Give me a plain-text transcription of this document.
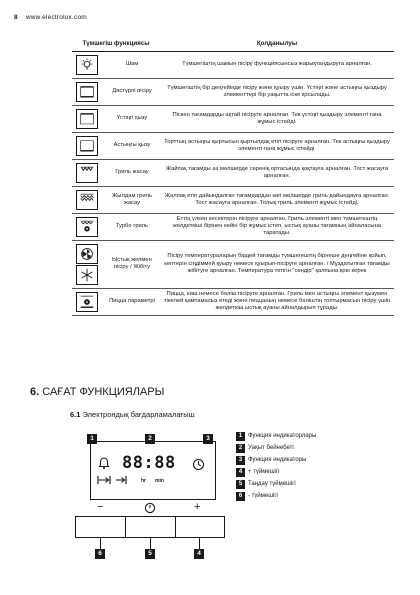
8 www.electrolux.com
Түмшегіш функциясы		Қолданылуы

	Шам	Түмшегіштің шамын пісіру функциясынсыз жарықтандыруға арналған.

	Дәстүрлі пісіру	Түмшегіштің бір деңгейінде пісіру және қуыру үшін. Үстіңгі және астыңғы қыздыру элементтері бір уақытта іске қосылады.

	Үстіңгі қызу	Піскен тағамдарды ақтай пісіруге арналған. Тек үстіңгі қыздыру элементі ғана жұмыс істейді.

	Астыңғы қызу	Торттың астыңғы қыртысын қыртылдақ етіп пісіруге арналған. Тек астыңғы қыздыру элементі ғана жұмыс істейді.

	Гриль жасау	Жайпақ тағамды аз мөлшерде сөреніқ ортасында қақтауға арналған. Тост жасауға арналған.

	Жылдам гриль жасау	Жалпақ етіп дайындалған тағамдардан көп мөлшерде гриль дайындауға арналған. Тост жасауға арналған. Толық гриль элементі жұмыс істейді.

	Турбо гриль	Еттің үлкен кесектерін пісіруге арналған. Гриль элементі мен түмшегештің желдеткіші бірінен кейін бір жұмыс істеп, ыстық ауаны тағамның айналасына таратады.

	Ыстық желмен пісіру / Жібіту	Пісіру температураларын бірдей тағамды түмшегештің бірнеше деңгейіне қойып, кептерін сіңдіммей қуыру немесе қуырып-пісіруге арналған. / Мұздатылған тағамды жібітуге арналған. Температура тетігін "сөндір" қалпына қою керек

	Пицца параметрі	Пицца, киш немесе бәліш пісіруге арналған. Гриль мен астыңғы элемент қызумен тікелей қамтамасыз етеді және пиццаның немесе бәліштің толтырмасын пісіру үшін желдеткіш ыстық ауаны айналдырып тұрады.
6. САҒАТ ФУНКЦИЯЛАРЫ
6.1 Электрондық бағдарламалағыш
1	2	3
88:88
hr min
−	+
6	5	4
1 Функция индикаторлары
2 Уақыт бейнебеті
3 Функция индикаторы
4 + түймешігі
5 Таңдау түймешігі
6 - түймешігі
